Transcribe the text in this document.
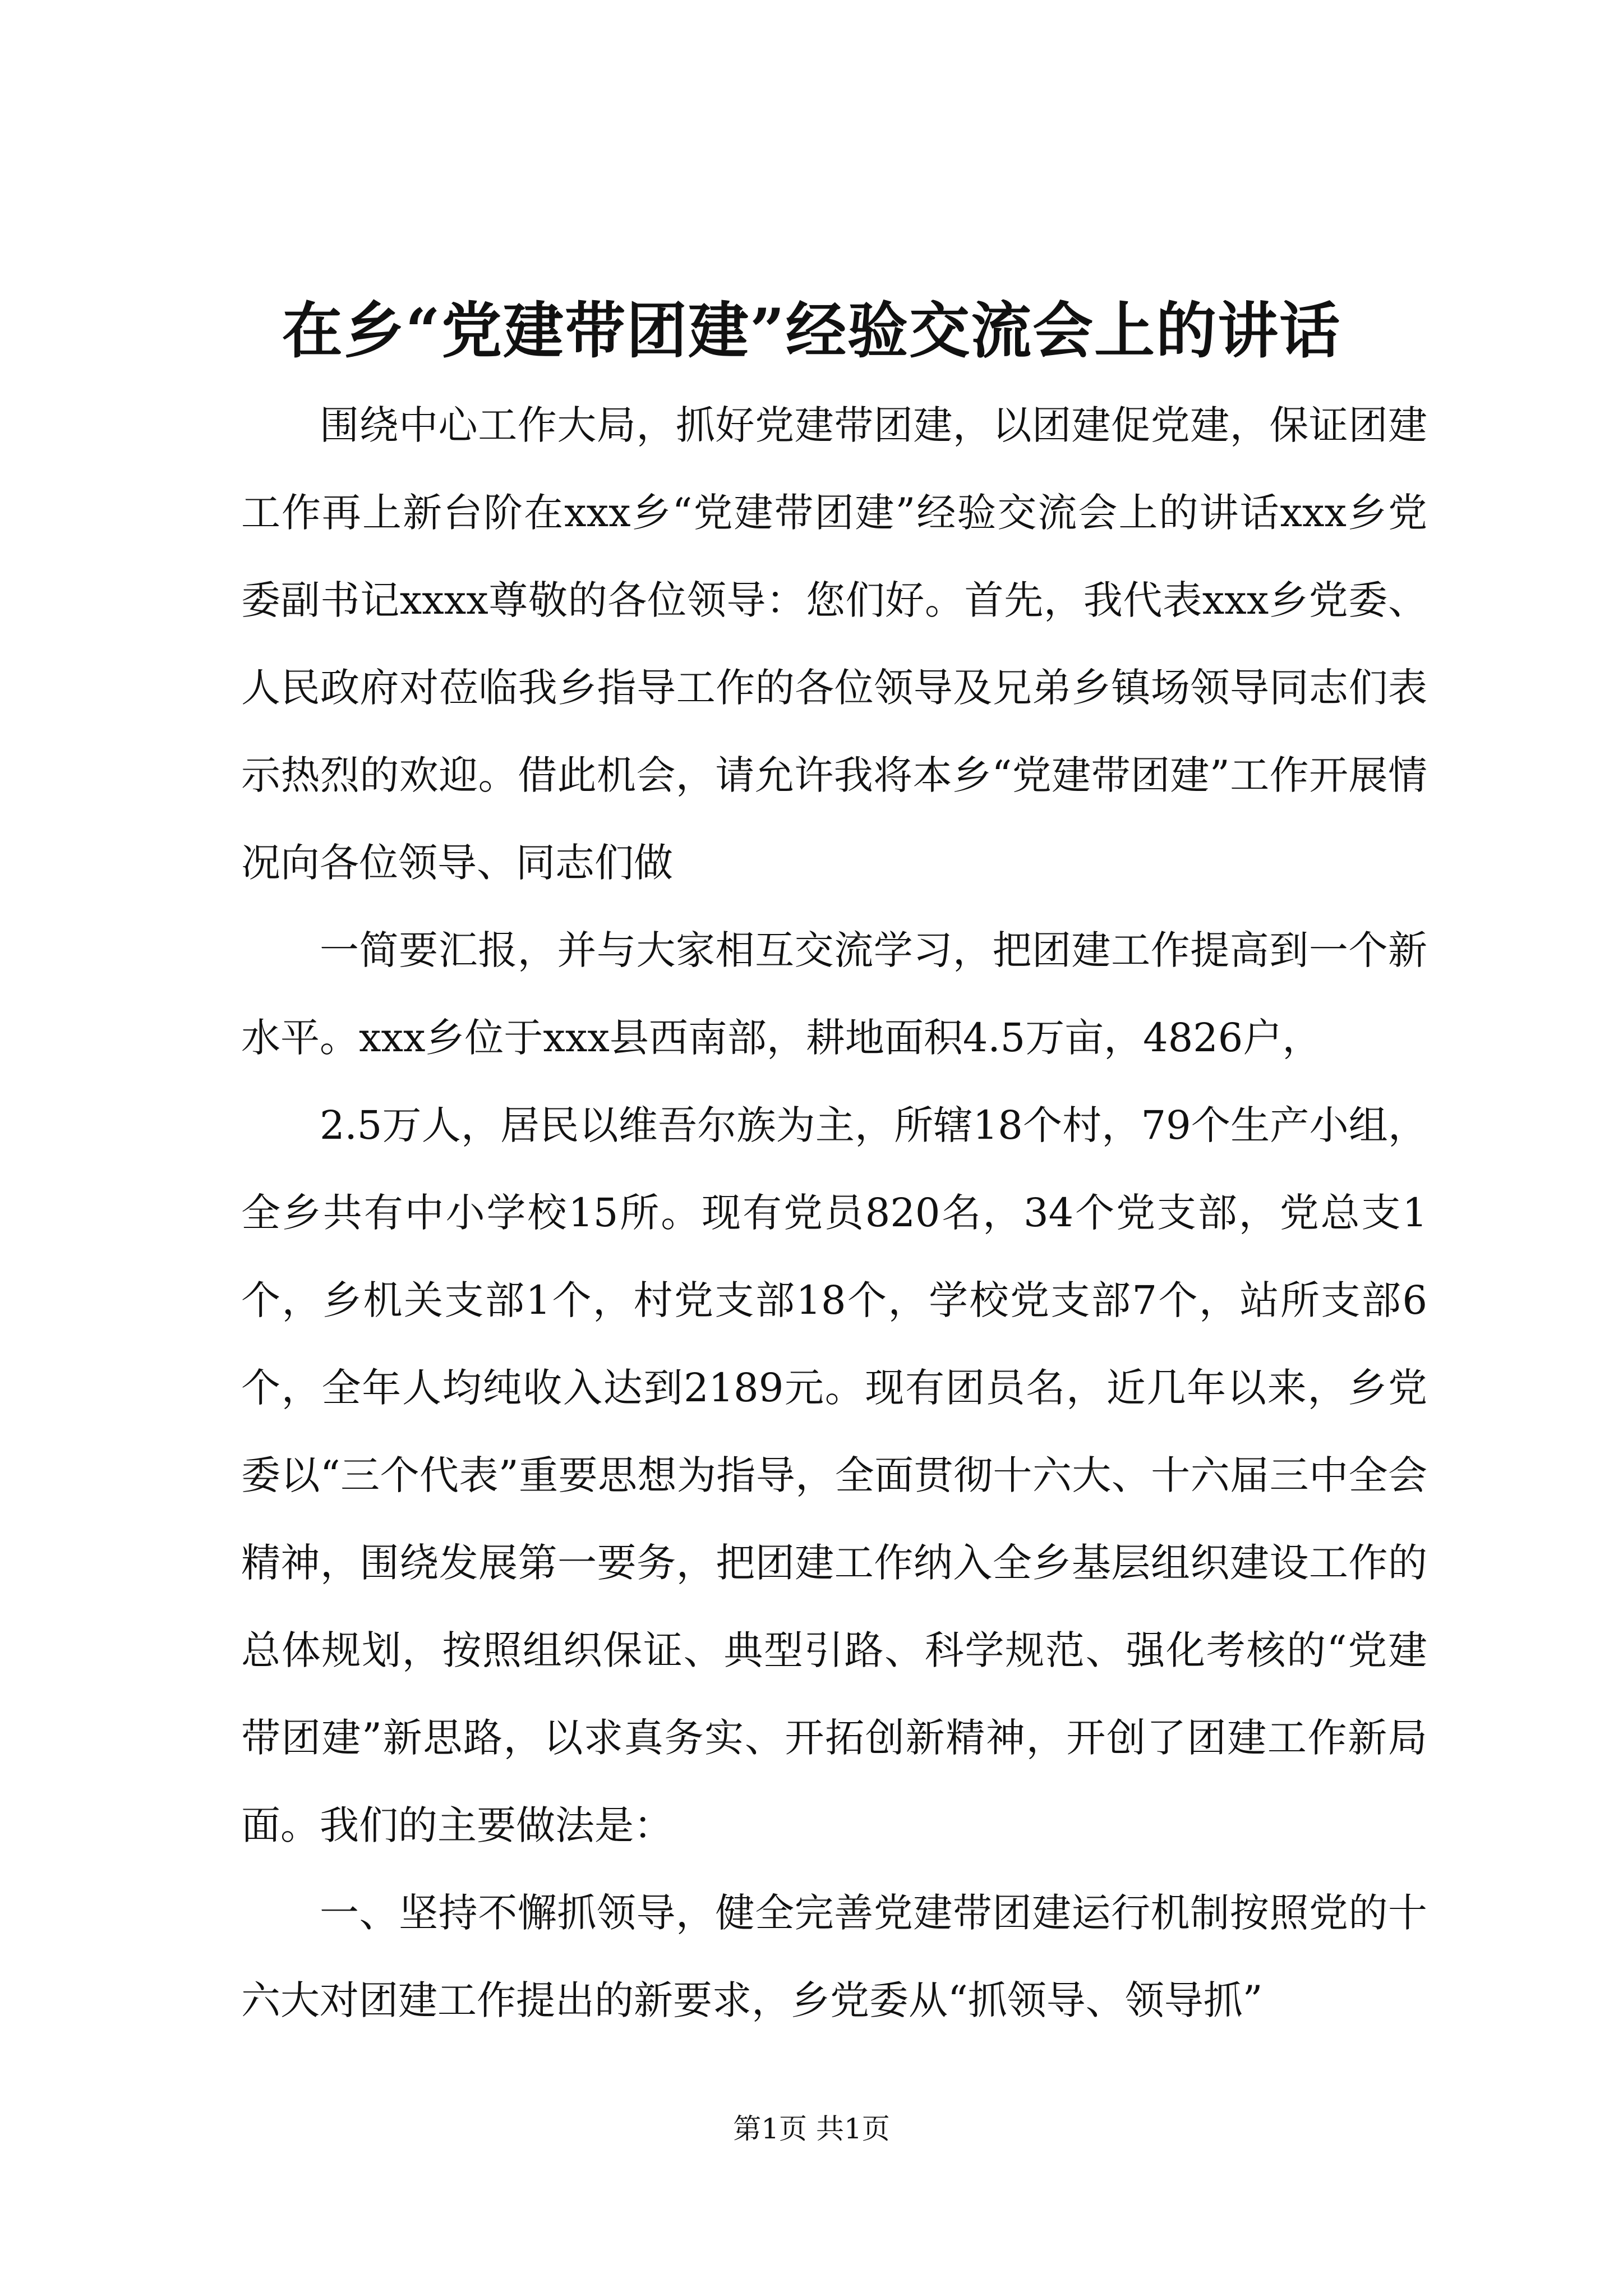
在乡“党建带团建”经验交流会上的讲话

围绕中心工作大局，抓好党建带团建，以团建促党建，保证团建工作再上新台阶在xxx乡“党建带团建”经验交流会上的讲话xxx乡党委副书记xxxx尊敬的各位领导：您们好。首先，我代表xxx乡党委、人民政府对莅临我乡指导工作的各位领导及兄弟乡镇场领导同志们表示热烈的欢迎。借此机会，请允许我将本乡“党建带团建”工作开展情况向各位领导、同志们做

一简要汇报，并与大家相互交流学习，把团建工作提高到一个新水平。xxx乡位于xxx县西南部，耕地面积4.5万亩，4826户，

2.5万人，居民以维吾尔族为主，所辖18个村，79个生产小组，全乡共有中小学校15所。现有党员820名，34个党支部，党总支1个，乡机关支部1个，村党支部18个，学校党支部7个，站所支部6个，全年人均纯收入达到2189元。现有团员名，近几年以来，乡党委以“三个代表”重要思想为指导，全面贯彻十六大、十六届三中全会精神，围绕发展第一要务，把团建工作纳入全乡基层组织建设工作的总体规划，按照组织保证、典型引路、科学规范、强化考核的“党建带团建”新思路，以求真务实、开拓创新精神，开创了团建工作新局面。我们的主要做法是：

一、坚持不懈抓领导，健全完善党建带团建运行机制按照党的十六大对团建工作提出的新要求，乡党委从“抓领导、领导抓”

第1页 共1页
